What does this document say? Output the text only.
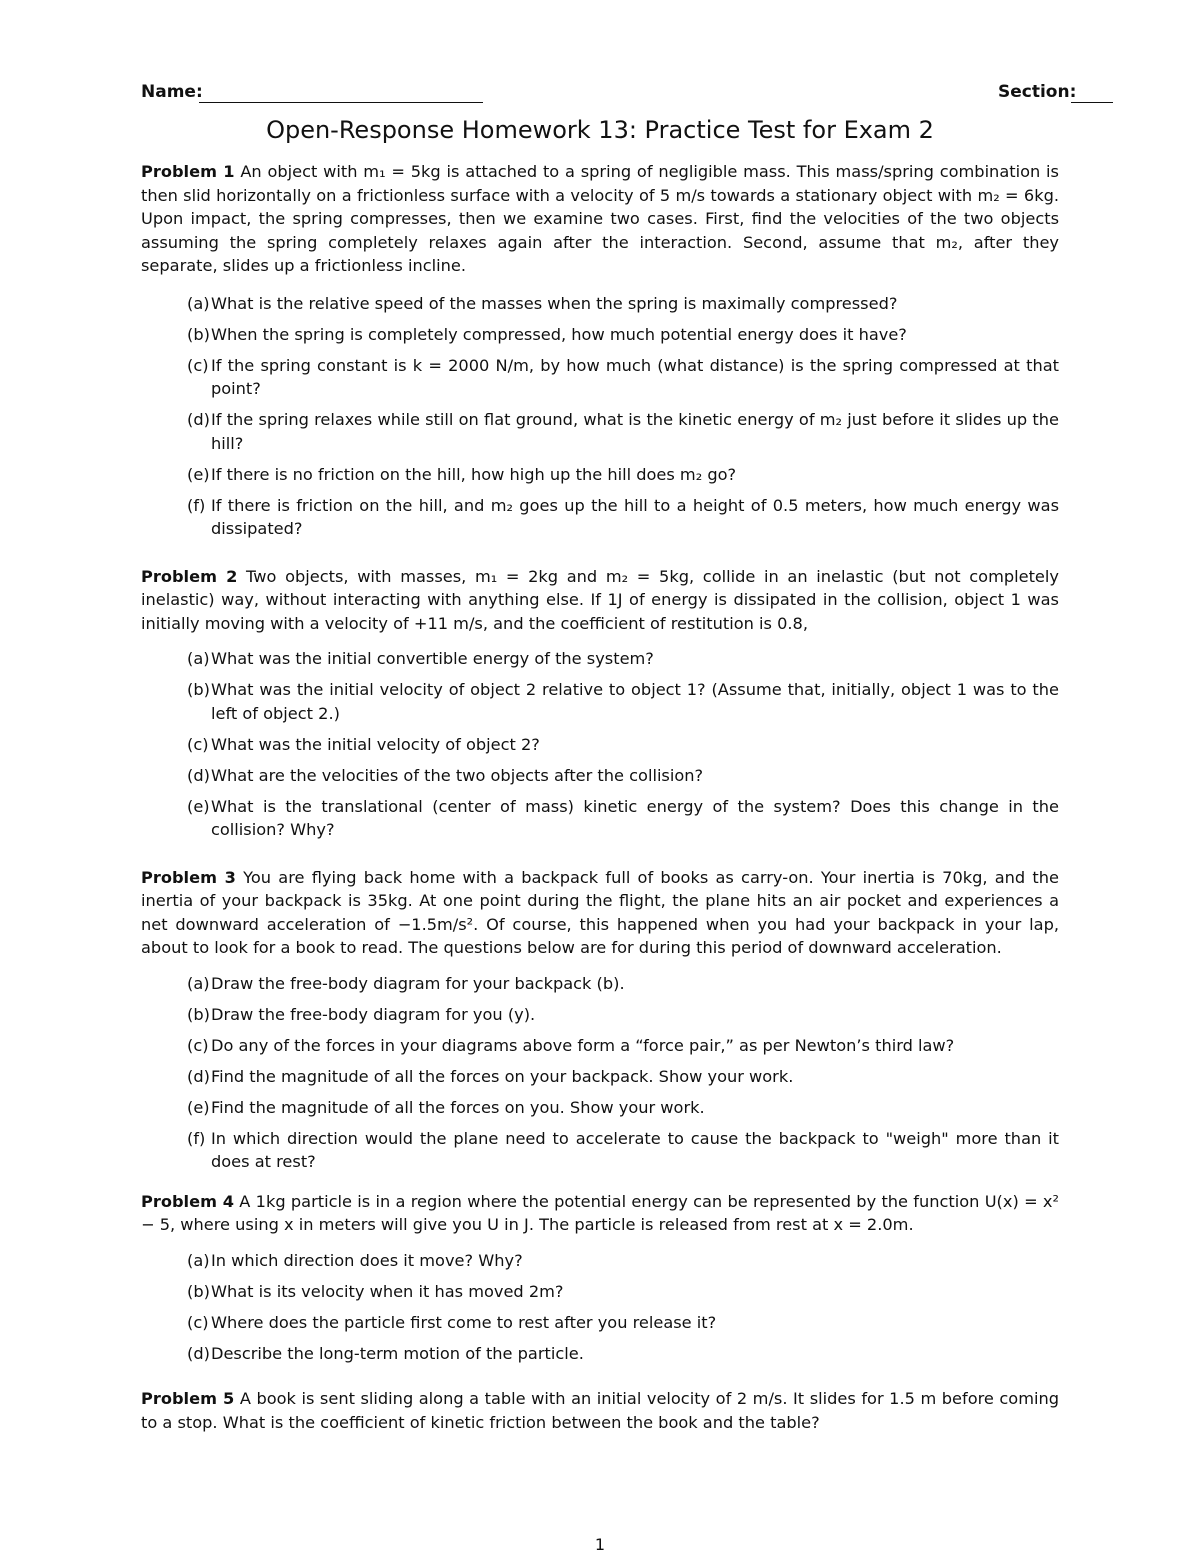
Name:	Section:
Open-Response Homework 13: Practice Test for Exam 2

Problem 1 An object with m₁ = 5kg is attached to a spring of negligible mass. This mass/spring combination is then slid horizontally on a frictionless surface with a velocity of 5 m/s towards a stationary object with m₂ = 6kg. Upon impact, the spring compresses, then we examine two cases. First, find the velocities of the two objects assuming the spring completely relaxes again after the interaction. Second, assume that m₂, after they separate, slides up a frictionless incline.

(a)What is the relative speed of the masses when the spring is maximally compressed?
(b)When the spring is completely compressed, how much potential energy does it have?
(c) If the spring constant is k = 2000 N/m, by how much (what distance) is the spring compressed at that point?
(d)If the spring relaxes while still on flat ground, what is the kinetic energy of m₂ just before it slides up the hill?
(e)If there is no friction on the hill, how high up the hill does m₂ go?
(f) If there is friction on the hill, and m₂ goes up the hill to a height of 0.5 meters, how much energy was dissipated?

Problem 2 Two objects, with masses, m₁ = 2kg and m₂ = 5kg, collide in an inelastic (but not completely inelastic) way, without interacting with anything else. If 1J of energy is dissipated in the collision, object 1 was initially moving with a velocity of +11 m/s, and the coefficient of restitution is 0.8,

(a)What was the initial convertible energy of the system?
(b)What was the initial velocity of object 2 relative to object 1? (Assume that, initially, object 1 was to the left of object 2.)
(c) What was the initial velocity of object 2?
(d)What are the velocities of the two objects after the collision?
(e)What is the translational (center of mass) kinetic energy of the system? Does this change in the collision? Why?

Problem 3 You are flying back home with a backpack full of books as carry-on. Your inertia is 70kg, and the inertia of your backpack is 35kg. At one point during the flight, the plane hits an air pocket and experiences a net downward acceleration of −1.5m/s². Of course, this happened when you had your backpack in your lap, about to look for a book to read. The questions below are for during this period of downward acceleration.

(a)Draw the free-body diagram for your backpack (b).
(b)Draw the free-body diagram for you (y).
(c) Do any of the forces in your diagrams above form a “force pair,” as per Newton’s third law?
(d)Find the magnitude of all the forces on your backpack. Show your work.
(e)Find the magnitude of all the forces on you. Show your work.
(f) In which direction would the plane need to accelerate to cause the backpack to "weigh" more than it does at rest?

Problem 4 A 1kg particle is in a region where the potential energy can be represented by the function U(x) = x² − 5, where using x in meters will give you U in J. The particle is released from rest at x = 2.0m.

(a)In which direction does it move? Why?
(b)What is its velocity when it has moved 2m?
(c) Where does the particle first come to rest after you release it?
(d)Describe the long-term motion of the particle.

Problem 5 A book is sent sliding along a table with an initial velocity of 2 m/s. It slides for 1.5 m before coming to a stop. What is the coefficient of kinetic friction between the book and the table?

1
